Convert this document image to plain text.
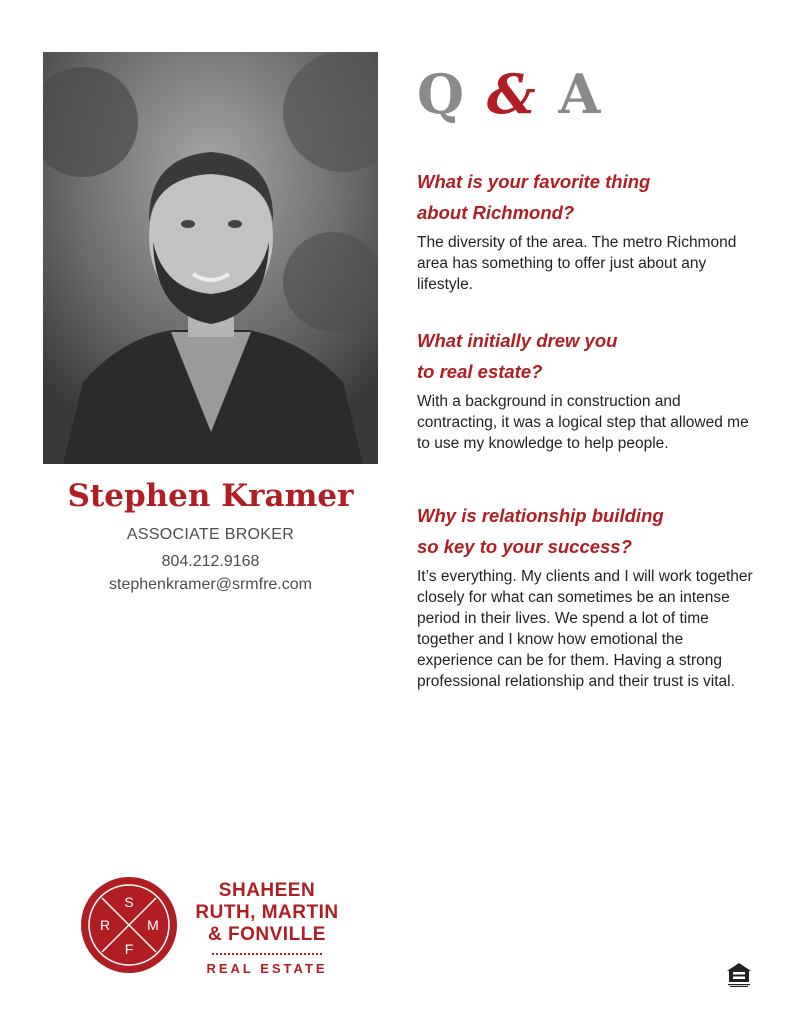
Stephen Kramer
ASSOCIATE BROKER
804.212.9168
stephenkramer@srmfre.com
Q & A

What is your favorite thing
about Richmond?

The diversity of the area. The metro Richmond area has something to offer just about any lifestyle.

What initially drew you
to real estate?

With a background in construction and contracting, it was a logical step that allowed me to use my knowledge to help people.

Why is relationship building
so key to your success?

It’s everything. My clients and I will work together closely for what can sometimes be an intense period in their lives. We spend a lot of time together and I know how emotional the experience can be for them. Having a strong professional relationship and their trust is vital.

S
R	M
F
SHAHEEN
RUTH, MARTIN
& FONVILLE
REAL ESTATE
